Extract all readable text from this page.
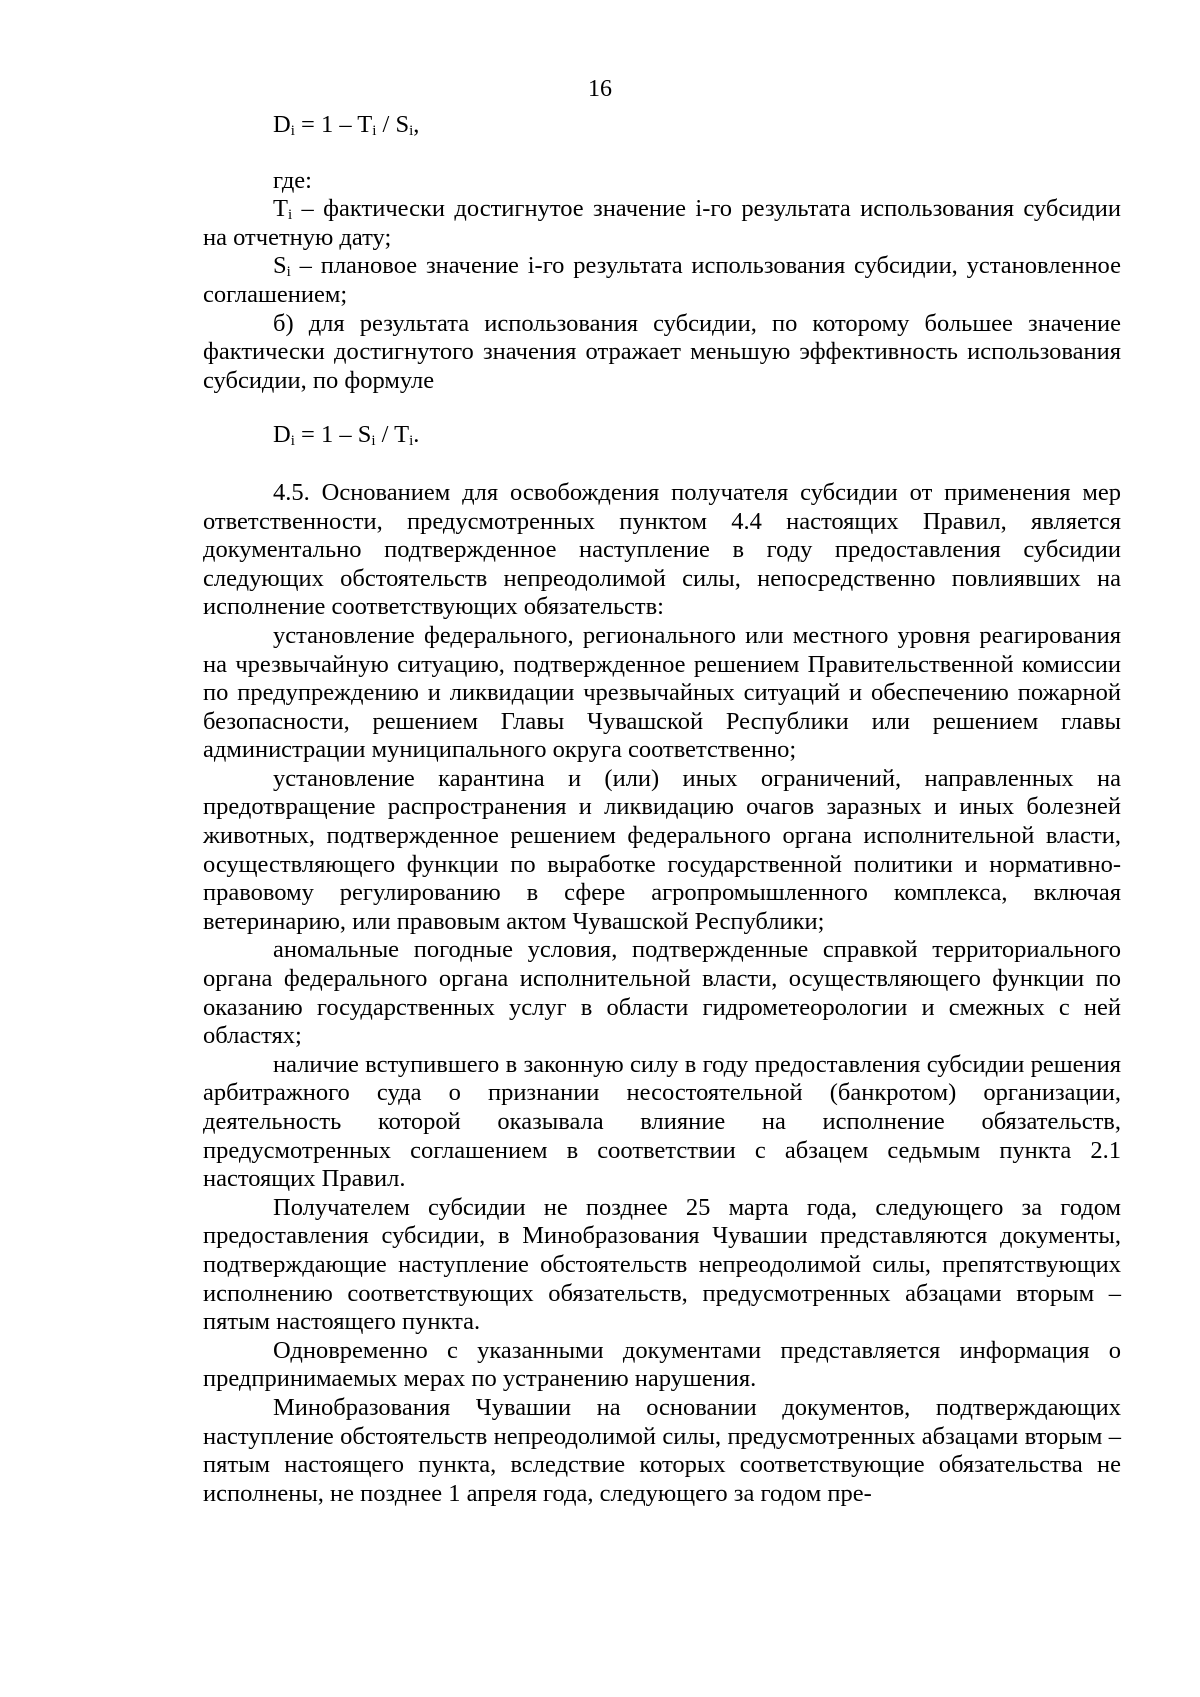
16

$D_i = 1 - T_i / S_i$,

где:

$T_i$ – фактически достигнутое значение i-го результата использования субсидии на отчетную дату;

$S_i$ – плановое значение i-го результата использования субсидии, установленное соглашением;

б) для результата использования субсидии, по которому большее значение фактически достигнутого значения отражает меньшую эффективность использования субсидии, по формуле

$D_i = 1 - S_i / T_i$.

4.5. Основанием для освобождения получателя субсидии от применения мер ответственности, предусмотренных пунктом 4.4 настоящих Правил, является документально подтвержденное наступление в году предоставления субсидии следующих обстоятельств непреодолимой силы, непосредственно повлиявших на исполнение соответствующих обязательств:

установление федерального, регионального или местного уровня реагирования на чрезвычайную ситуацию, подтвержденное решением Правительственной комиссии по предупреждению и ликвидации чрезвычайных ситуаций и обеспечению пожарной безопасности, решением Главы Чувашской Республики или решением главы администрации муниципального округа соответственно;

установление карантина и (или) иных ограничений, направленных на предотвращение распространения и ликвидацию очагов заразных и иных болезней животных, подтвержденное решением федерального органа исполнительной власти, осуществляющего функции по выработке государственной политики и нормативно-правовому регулированию в сфере агропромышленного комплекса, включая ветеринарию, или правовым актом Чувашской Республики;

аномальные погодные условия, подтвержденные справкой территориального органа федерального органа исполнительной власти, осуществляющего функции по оказанию государственных услуг в области гидрометеорологии и смежных с ней областях;

наличие вступившего в законную силу в году предоставления субсидии решения арбитражного суда о признании несостоятельной (банкротом) организации, деятельность которой оказывала влияние на исполнение обязательств, предусмотренных соглашением в соответствии с абзацем седьмым пункта 2.1 настоящих Правил.

Получателем субсидии не позднее 25 марта года, следующего за годом предоставления субсидии, в Минобразования Чувашии представляются документы, подтверждающие наступление обстоятельств непреодолимой силы, препятствующих исполнению соответствующих обязательств, предусмотренных абзацами вторым – пятым настоящего пункта.

Одновременно с указанными документами представляется информация о предпринимаемых мерах по устранению нарушения.

Минобразования Чувашии на основании документов, подтверждающих наступление обстоятельств непреодолимой силы, предусмотренных абзацами вторым – пятым настоящего пункта, вследствие которых соответствующие обязательства не исполнены, не позднее 1 апреля года, следующего за годом пре-
